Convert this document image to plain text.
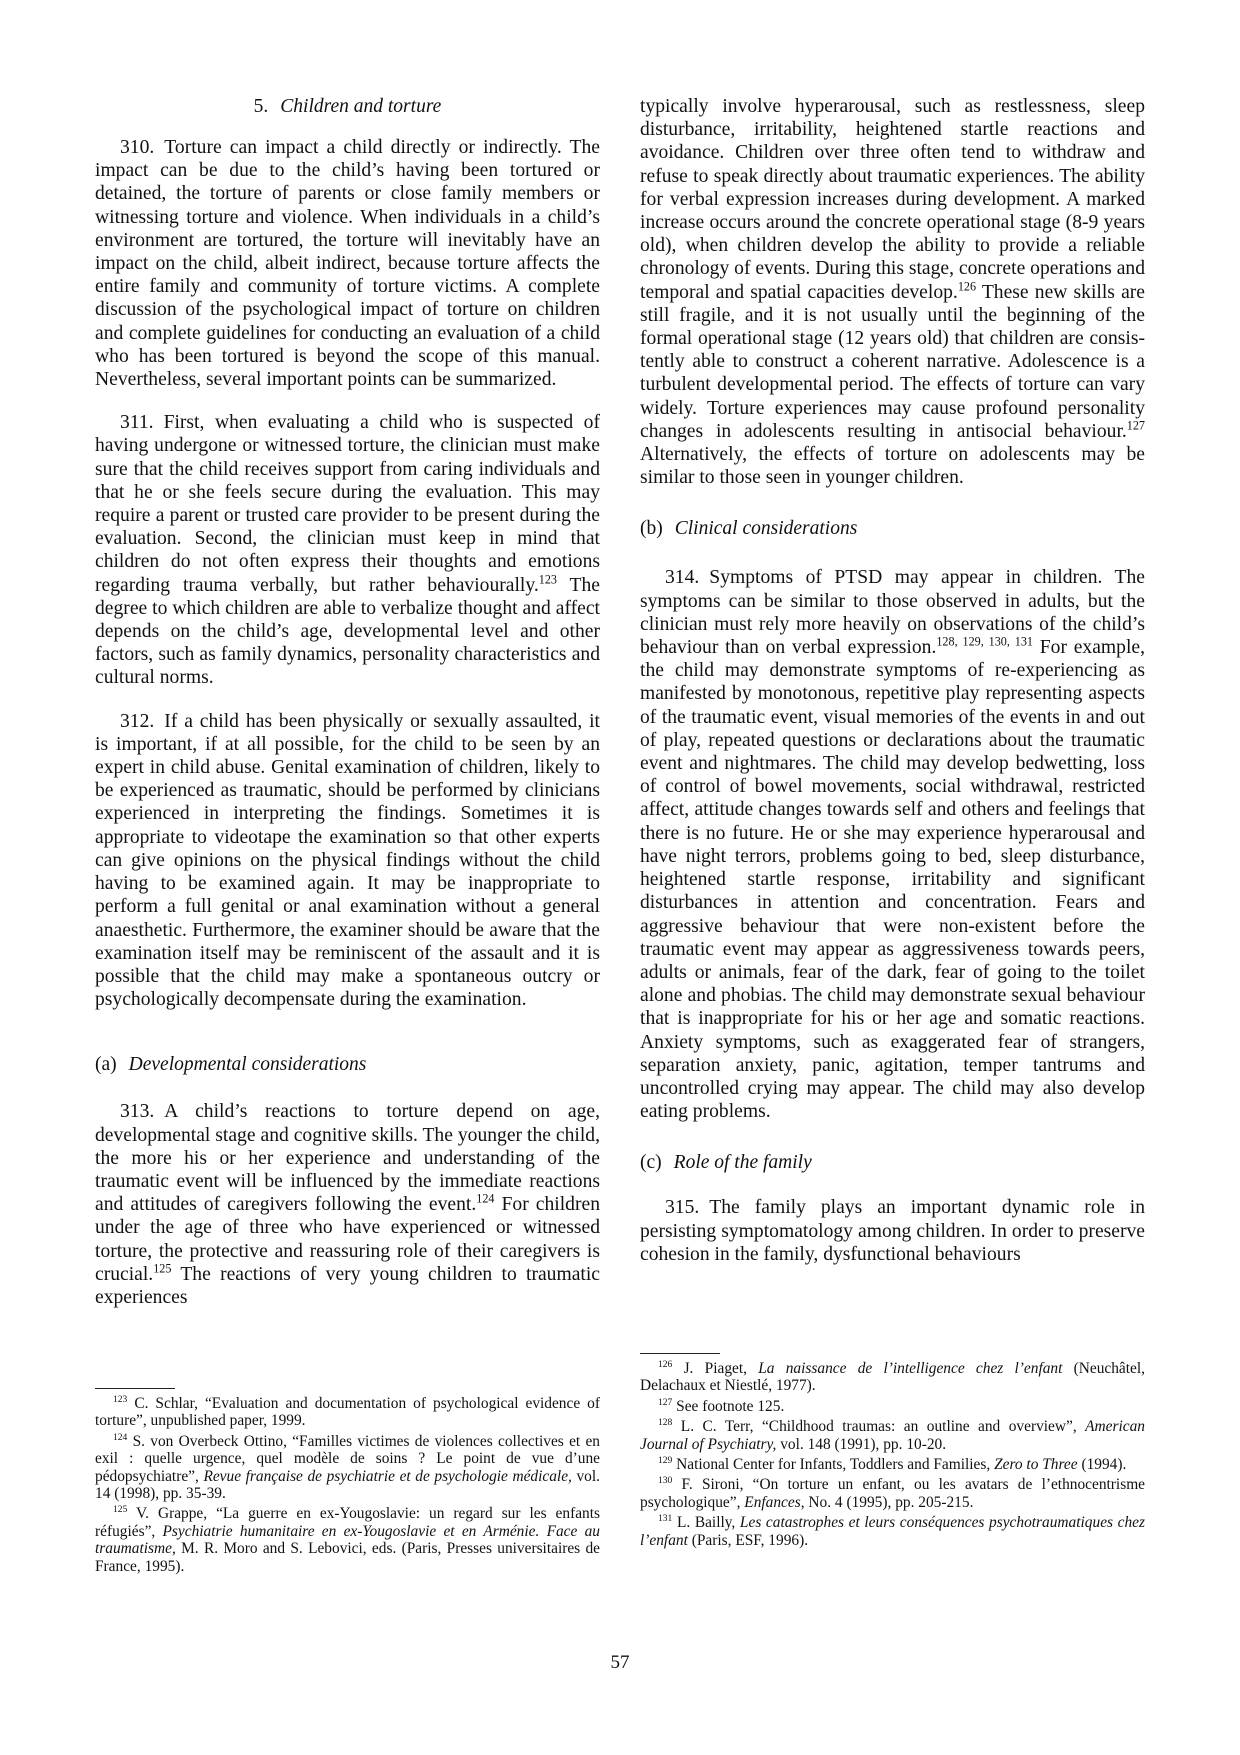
5. Children and torture

310. Torture can impact a child directly or indirectly. The impact can be due to the child’s having been tortured or detained, the torture of parents or close family members or witnessing torture and violence. When individuals in a child’s environment are tortured, the torture will inevitably have an impact on the child, albeit indirect, because torture affects the entire family and community of torture victims. A complete discussion of the psychological impact of torture on children and complete guidelines for conducting an evaluation of a child who has been tortured is beyond the scope of this manual. Nevertheless, several important points can be summarized.

311. First, when evaluating a child who is suspected of having undergone or witnessed torture, the clinician must make sure that the child receives support from caring individuals and that he or she feels secure during the evaluation. This may require a parent or trusted care provider to be present during the evaluation. Second, the clinician must keep in mind that children do not often express their thoughts and emotions regarding trauma verbally, but rather behaviourally.$^{123}$ The degree to which children are able to verbalize thought and affect depends on the child’s age, developmental level and other factors, such as family dynamics, personality characteristics and cultural norms.

312. If a child has been physically or sexually assaulted, it is important, if at all possible, for the child to be seen by an expert in child abuse. Genital examination of children, likely to be experienced as traumatic, should be performed by clinicians experienced in interpreting the findings. Sometimes it is appropriate to videotape the examination so that other experts can give opinions on the physical findings without the child having to be examined again. It may be inappropriate to perform a full genital or anal examination without a general anaesthetic. Furthermore, the examiner should be aware that the examination itself may be reminiscent of the assault and it is possible that the child may make a spontaneous outcry or psychologically decompensate during the examination.

(a) Developmental considerations

313. A child’s reactions to torture depend on age, developmental stage and cognitive skills. The younger the child, the more his or her experience and understanding of the traumatic event will be influenced by the immediate reactions and attitudes of caregivers following the event.$^{124}$ For children under the age of three who have experienced or witnessed torture, the protective and reassuring role of their caregivers is crucial.$^{125}$ The reactions of very young children to traumatic experiences

typically involve hyperarousal, such as restlessness, sleep disturbance, irritability, heightened startle reactions and avoidance. Children over three often tend to withdraw and refuse to speak directly about traumatic experiences. The ability for verbal expression increases during development. A marked increase occurs around the concrete operational stage (8-9 years old), when children develop the ability to provide a reliable chronology of events. During this stage, concrete operations and temporal and spatial capacities develop.$^{126}$ These new skills are still fragile, and it is not usually until the beginning of the formal operational stage (12 years old) that children are consistently able to construct a coherent narrative. Adolescence is a turbulent developmental period. The effects of torture can vary widely. Torture experiences may cause profound personality changes in adolescents resulting in antisocial behaviour.$^{127}$ Alternatively, the effects of torture on adolescents may be similar to those seen in younger children.

(b) Clinical considerations

314. Symptoms of PTSD may appear in children. The symptoms can be similar to those observed in adults, but the clinician must rely more heavily on observations of the child’s behaviour than on verbal expression.$^{128, 129, 130, 131}$ For example, the child may demonstrate symptoms of re-experiencing as manifested by monotonous, repetitive play representing aspects of the traumatic event, visual memories of the events in and out of play, repeated questions or declarations about the traumatic event and nightmares. The child may develop bedwetting, loss of control of bowel movements, social withdrawal, restricted affect, attitude changes towards self and others and feelings that there is no future. He or she may experience hyperarousal and have night terrors, problems going to bed, sleep disturbance, heightened startle response, irritability and significant disturbances in attention and concentration. Fears and aggressive behaviour that were non-existent before the traumatic event may appear as aggressiveness towards peers, adults or animals, fear of the dark, fear of going to the toilet alone and phobias. The child may demonstrate sexual behaviour that is inappropriate for his or her age and somatic reactions. Anxiety symptoms, such as exaggerated fear of strangers, separation anxiety, panic, agitation, temper tantrums and uncontrolled crying may appear. The child may also develop eating problems.

(c) Role of the family

315. The family plays an important dynamic role in persisting symptomatology among children. In order to preserve cohesion in the family, dysfunctional behaviours

$^{123}$ C. Schlar, “Evaluation and documentation of psychological evidence of torture”, unpublished paper, 1999.

$^{124}$ S. von Overbeck Ottino, “Familles victimes de violences collectives et en exil : quelle urgence, quel modèle de soins ? Le point de vue d’une pédopsychiatre”, Revue française de psychiatrie et de psychologie médicale, vol. 14 (1998), pp. 35-39.

$^{125}$ V. Grappe, “La guerre en ex-Yougoslavie: un regard sur les enfants réfugiés”, Psychiatrie humanitaire en ex-Yougoslavie et en Arménie. Face au traumatisme, M. R. Moro and S. Lebovici, eds. (Paris, Presses universitaires de France, 1995).

$^{126}$ J. Piaget, La naissance de l’intelligence chez l’enfant (Neuchâtel, Delachaux et Niestlé, 1977).

$^{127}$ See footnote 125.

$^{128}$ L. C. Terr, “Childhood traumas: an outline and overview”, American Journal of Psychiatry, vol. 148 (1991), pp. 10-20.

$^{129}$ National Center for Infants, Toddlers and Families, Zero to Three (1994).

$^{130}$ F. Sironi, “On torture un enfant, ou les avatars de l’ethnocentrisme psychologique”, Enfances, No. 4 (1995), pp. 205-215.

$^{131}$ L. Bailly, Les catastrophes et leurs conséquences psychotraumatiques chez l’enfant (Paris, ESF, 1996).

57
